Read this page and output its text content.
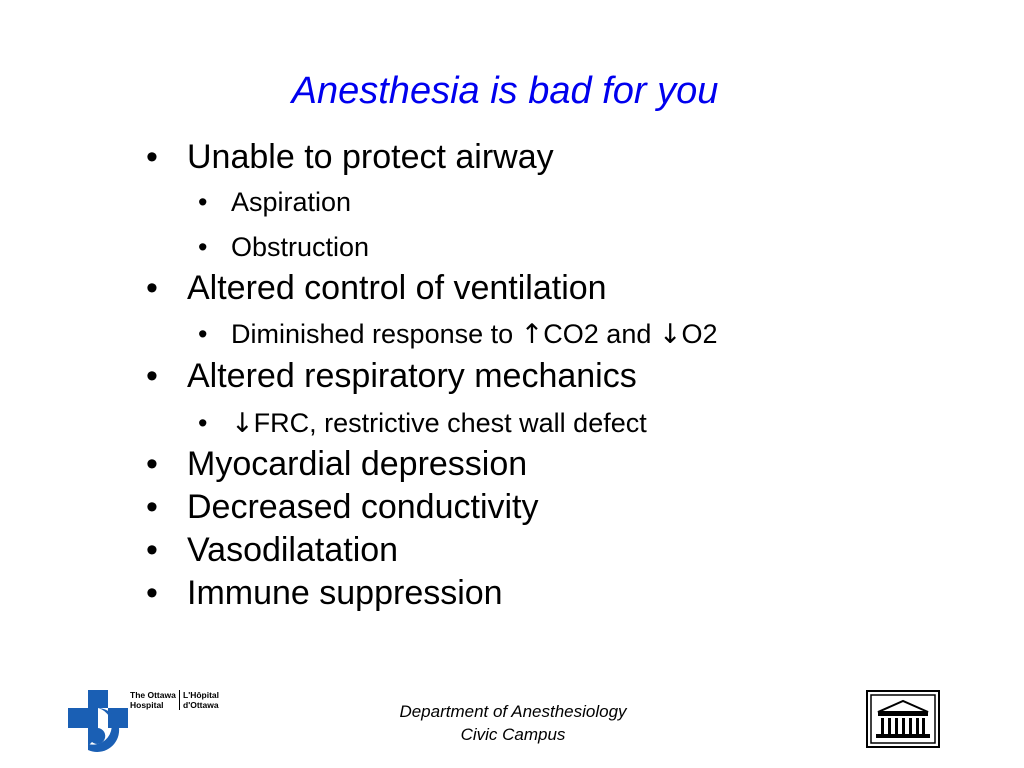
Anesthesia is bad for you
• Unable to protect airway
• Aspiration
• Obstruction
• Altered control of ventilation
• Diminished response to ↑CO2 and ↓O2
• Altered respiratory mechanics
• ↓FRC, restrictive chest wall defect
• Myocardial depression
• Decreased conductivity
• Vasodilatation
• Immune suppression
The Ottawa
Hospital
L'Hôpital
d'Ottawa	Department of Anesthesiology
Civic Campus
